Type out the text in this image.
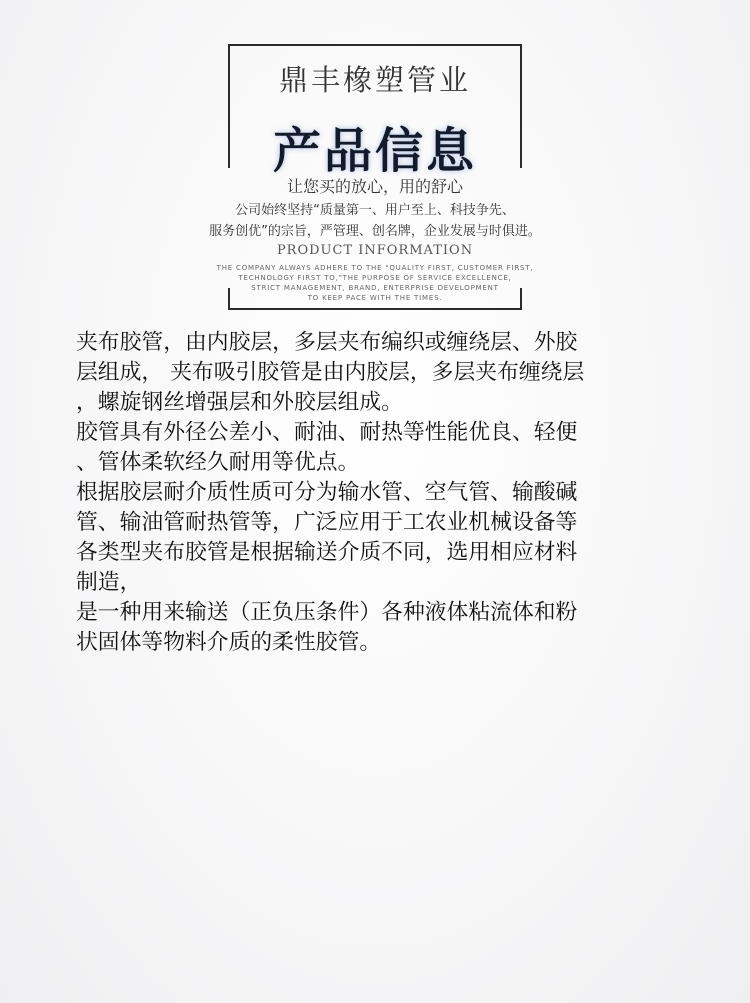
鼎丰橡塑管业
产品信息
让您买的放心，用的舒心
公司始终坚持“质量第一、用户至上、科技争先、
服务创优”的宗旨，严管理、创名牌，企业发展与时俱进。
PRODUCT INFORMATION
THE COMPANY ALWAYS ADHERE TO THE "QUALITY FIRST, CUSTOMER FIRST,
TECHNOLOGY FIRST TO,"THE PURPOSE OF SERVICE EXCELLENCE,
STRICT MANAGEMENT, BRAND, ENTERPRISE DEVELOPMENT
TO KEEP PACE WITH THE TIMES.
夹布胶管，由内胶层，多层夹布编织或缠绕层、外胶
层组成， 夹布吸引胶管是由内胶层，多层夹布缠绕层
，螺旋钢丝增强层和外胶层组成。
胶管具有外径公差小、耐油、耐热等性能优良、轻便
、管体柔软经久耐用等优点。
根据胶层耐介质性质可分为输水管、空气管、输酸碱
管、输油管耐热管等，广泛应用于工农业机械设备等
各类型夹布胶管是根据输送介质不同，选用相应材料
制造，
是一种用来输送（正负压条件）各种液体粘流体和粉
状固体等物料介质的柔性胶管。
